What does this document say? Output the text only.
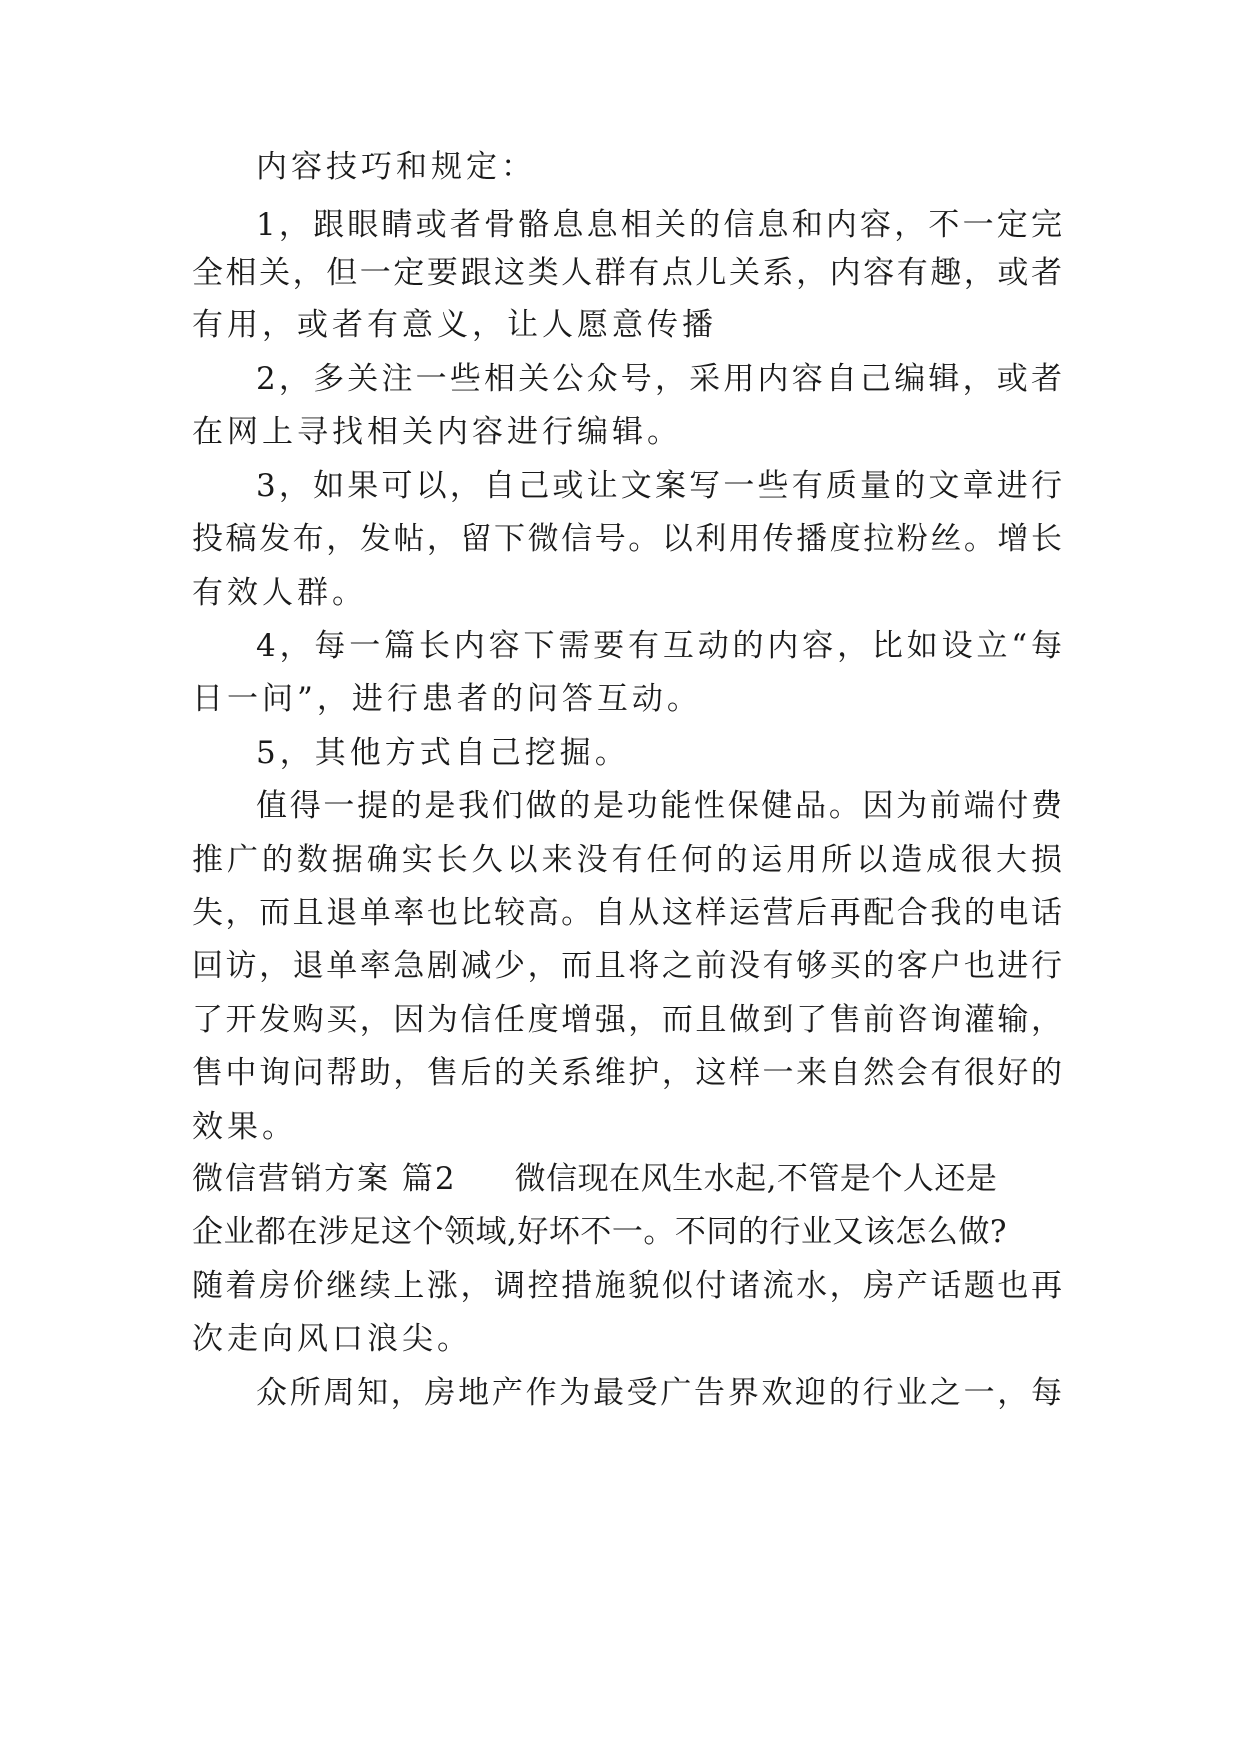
内容技巧和规定：
1，跟眼睛或者骨骼息息相关的信息和内容，不一定完
全相关，但一定要跟这类人群有点儿关系，内容有趣，或者
有用，或者有意义，让人愿意传播
2，多关注一些相关公众号，采用内容自己编辑，或者
在网上寻找相关内容进行编辑。
3，如果可以，自己或让文案写一些有质量的文章进行
投稿发布，发帖，留下微信号。以利用传播度拉粉丝。增长
有效人群。
4，每一篇长内容下需要有互动的内容，比如设立“每
日一问”，进行患者的问答互动。
5，其他方式自己挖掘。
值得一提的是我们做的是功能性保健品。因为前端付费
推广的数据确实长久以来没有任何的运用所以造成很大损
失，而且退单率也比较高。自从这样运营后再配合我的电话
回访，退单率急剧减少，而且将之前没有够买的客户也进行
了开发购买，因为信任度增强，而且做到了售前咨询灌输，
售中询问帮助，售后的关系维护，这样一来自然会有很好的
效果。
微信营销方案 篇2 微信现在风生水起,不管是个人还是
企业都在涉足这个领域,好坏不一。不同的行业又该怎么做?
随着房价继续上涨，调控措施貌似付诸流水，房产话题也再
次走向风口浪尖。
众所周知，房地产作为最受广告界欢迎的行业之一，每
